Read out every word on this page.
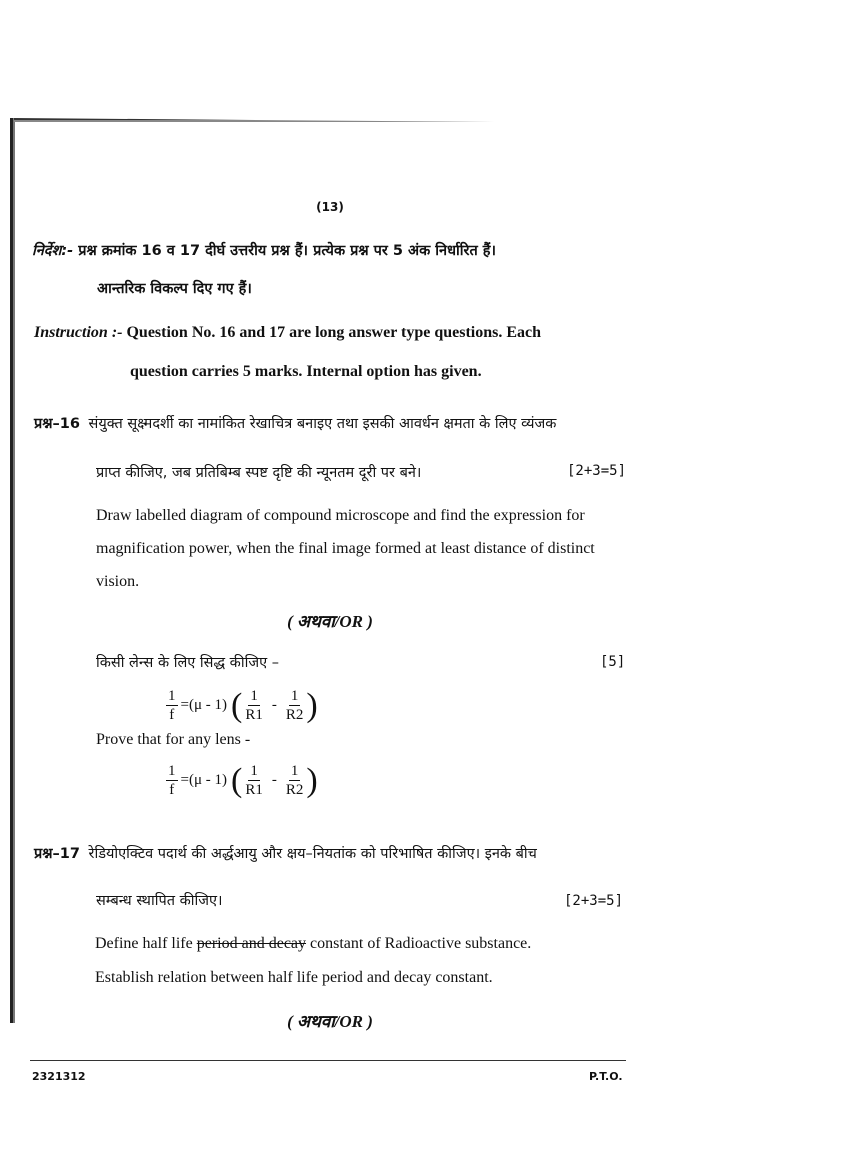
(13)
निर्देश:- प्रश्न क्रमांक 16 व 17 दीर्घ उत्तरीय प्रश्न हैं। प्रत्येक प्रश्न पर 5 अंक निर्धारित हैं।
आन्तरिक विकल्प दिए गए हैं।
Instruction :- Question No. 16 and 17 are long answer type questions. Each
question carries 5 marks. Internal option has given.
प्रश्न–16 संयुक्त सूक्ष्मदर्शी का नामांकित रेखाचित्र बनाइए तथा इसकी आवर्धन क्षमता के लिए व्यंजक
प्राप्त कीजिए, जब प्रतिबिम्ब स्पष्ट दृष्टि की न्यूनतम दूरी पर बने।	[2+3=5]
Draw labelled diagram of compound microscope and find the expression for
magnification power, when the final image formed at least distance of distinct
vision.
( अथवा/OR )
किसी लेन्स के लिए सिद्ध कीजिए –	[5]
$\frac{1}{f} =(\mu - 1)$ ( $\frac{1}{R1} - \frac{1}{R2}$ )
Prove that for any lens -
$\frac{1}{f} =(\mu - 1)$ ( $\frac{1}{R1} - \frac{1}{R2}$ )
प्रश्न–17 रेडियोएक्टिव पदार्थ की अर्द्धआयु और क्षय–नियतांक को परिभाषित कीजिए। इनके बीच
सम्बन्ध स्थापित कीजिए।	[2+3=5]
Define half life period and decay constant of Radioactive substance.
Establish relation between half life period and decay constant.
( अथवा/OR )
2321312	P.T.O.
